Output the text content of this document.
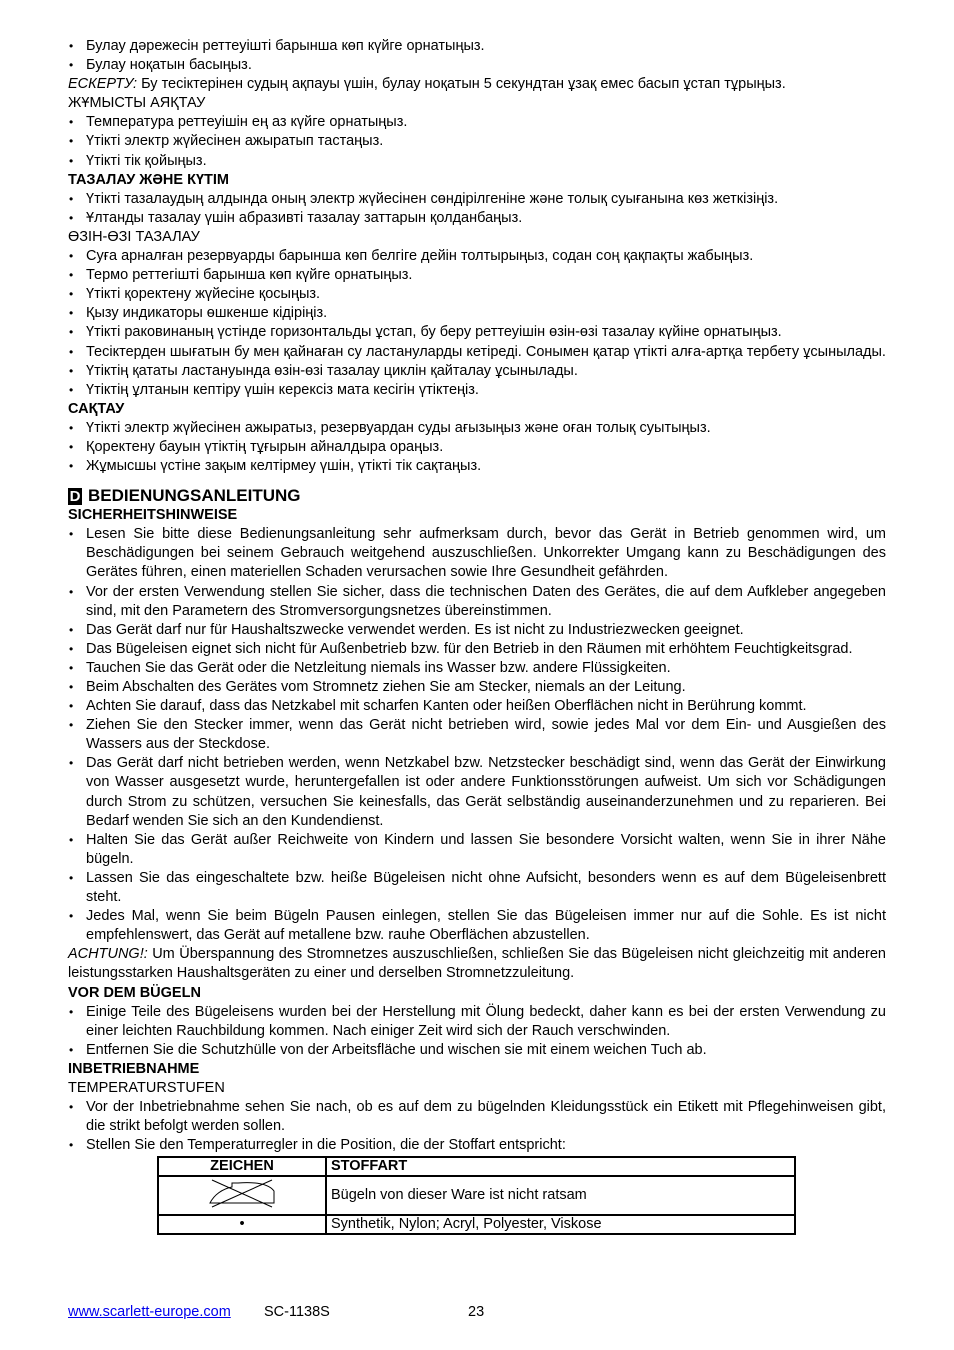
• Булау дәрежесін реттеуішті барынша көп күйге орнатыңыз.
• Булау ноқатын басыңыз.
ЕСКЕРТУ: Бу тесіктерінен судың ақпауы үшін, булау ноқатын 5 секундтан ұзақ емес басып ұстап тұрыңыз.
ЖҰМЫСТЫ АЯҚТАУ
• Температура реттеуішін ең аз күйге орнатыңыз.
• Үтікті электр жүйесінен ажыратып тастаңыз.
• Үтікті тік қойыңыз.
ТАЗАЛАУ ЖӘНЕ КҮТІМ
• Үтікті тазалаудың алдында оның электр жүйесінен сөндірілгеніне және толық суығанына көз жеткізіңіз.
• Ұлтанды тазалау үшін абразивті тазалау заттарын қолданбаңыз.
ӨЗІН-ӨЗІ ТАЗАЛАУ
• Суға арналған резервуарды барынша көп белгіге дейін толтырыңыз, содан соң қақпақты жабыңыз.
• Термо реттегішті барынша көп күйге орнатыңыз.
• Үтікті қоректену жүйесіне қосыңыз.
• Қызу индикаторы өшкенше кідіріңіз.
• Үтікті раковинаның үстінде горизонтальды ұстап, бу беру реттеуішін өзін-өзі тазалау күйіне орнатыңыз.
• Тесіктерден шығатын бу мен қайнаған су ластануларды кетіреді. Сонымен қатар үтікті алға-артқа тербету ұсынылады.
• Үтіктің қататы ластануында өзін-өзі тазалау циклін қайталау ұсынылады.
• Үтіктің ұлтанын кептіру үшін керексіз мата кесігін үтіктеңіз.
САҚТАУ
• Үтікті электр жүйесінен ажыратыз, резервуардан суды ағызыңыз және оған толық суытыңыз.
• Қоректену бауын үтіктің тұғырын айналдыра ораңыз.
• Жұмысшы үстіне зақым келтірмеу үшін, үтікті тік сақтаңыз.
D BEDIENUNGSANLEITUNG
SICHERHEITSHINWEISE
• Lesen Sie bitte diese Bedienungsanleitung sehr aufmerksam durch, bevor das Gerät in Betrieb genommen wird, um Beschädigungen bei seinem Gebrauch weitgehend auszuschließen. Unkorrekter Umgang kann zu Beschädigungen des Gerätes führen, einen materiellen Schaden verursachen sowie Ihre Gesundheit gefährden.
• Vor der ersten Verwendung stellen Sie sicher, dass die technischen Daten des Gerätes, die auf dem Aufkleber angegeben sind, mit den Parametern des Stromversorgungsnetzes übereinstimmen.
• Das Gerät darf nur für Haushaltszwecke verwendet werden. Es ist nicht zu Industriezwecken geeignet.
• Das Bügeleisen eignet sich nicht für Außenbetrieb bzw. für den Betrieb in den Räumen mit erhöhtem Feuchtigkeitsgrad.
• Tauchen Sie das Gerät oder die Netzleitung niemals ins Wasser bzw. andere Flüssigkeiten.
• Beim Abschalten des Gerätes vom Stromnetz ziehen Sie am Stecker, niemals an der Leitung.
• Achten Sie darauf, dass das Netzkabel mit scharfen Kanten oder heißen Oberflächen nicht in Berührung kommt.
• Ziehen Sie den Stecker immer, wenn das Gerät nicht betrieben wird, sowie jedes Mal vor dem Ein- und Ausgießen des Wassers aus der Steckdose.
• Das Gerät darf nicht betrieben werden, wenn Netzkabel bzw. Netzstecker beschädigt sind, wenn das Gerät der Einwirkung von Wasser ausgesetzt wurde, heruntergefallen ist oder andere Funktionsstörungen aufweist. Um sich vor Schädigungen durch Strom zu schützen, versuchen Sie keinesfalls, das Gerät selbständig auseinanderzunehmen und zu reparieren. Bei Bedarf wenden Sie sich an den Kundendienst.
• Halten Sie das Gerät außer Reichweite von Kindern und lassen Sie besondere Vorsicht walten, wenn Sie in ihrer Nähe bügeln.
• Lassen Sie das eingeschaltete bzw. heiße Bügeleisen nicht ohne Aufsicht, besonders wenn es auf dem Bügeleisenbrett steht.
• Jedes Mal, wenn Sie beim Bügeln Pausen einlegen, stellen Sie das Bügeleisen immer nur auf die Sohle. Es ist nicht empfehlenswert, das Gerät auf metallene bzw. rauhe Oberflächen abzustellen.
ACHTUNG!: Um Überspannung des Stromnetzes auszuschließen, schließen Sie das Bügeleisen nicht gleichzeitig mit anderen leistungsstarken Haushaltsgeräten zu einer und derselben Stromnetzzuleitung.
VOR DEM BÜGELN
• Einige Teile des Bügeleisens wurden bei der Herstellung mit Ölung bedeckt, daher kann es bei der ersten Verwendung zu einer leichten Rauchbildung kommen. Nach einiger Zeit wird sich der Rauch verschwinden.
• Entfernen Sie die Schutzhülle von der Arbeitsfläche und wischen sie mit einem weichen Tuch ab.
INBETRIEBNAHME
TEMPERATURSTUFEN
• Vor der Inbetriebnahme sehen Sie nach, ob es auf dem zu bügelnden Kleidungsstück ein Etikett mit Pflegehinweisen gibt, die strikt befolgt werden sollen.
• Stellen Sie den Temperaturregler in die Position, die der Stoffart entspricht:
ZEICHEN	STOFFART
	Bügeln von dieser Ware ist nicht ratsam
•	Synthetik, Nylon; Acryl, Polyester, Viskose
www.scarlett-europe.com SC-1138S	23
